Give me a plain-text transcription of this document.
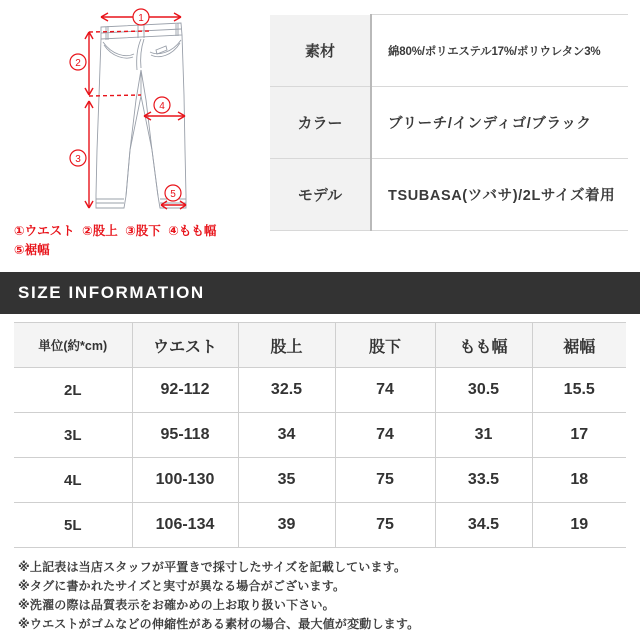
1
2
3
4
5
①ウエスト ②股上 ③股下 ④もも幅
⑤裾幅
素材	綿80%/ポリエステル17%/ポリウレタン3%
カラー	ブリーチ/インディゴ/ブラック
モデル	TSUBASA(ツバサ)/2Lサイズ着用
SIZE INFORMATION
単位(約*cm)	ウエスト	股上	股下	もも幅	裾幅
2L	92-112	32.5	74	30.5	15.5
3L	95-118	34	74	31	17
4L	100-130	35	75	33.5	18
5L	106-134	39	75	34.5	19
※上記表は当店スタッフが平置きで採寸したサイズを記載しています。
※タグに書かれたサイズと実寸が異なる場合がございます。
※洗濯の際は品質表示をお確かめの上お取り扱い下さい。
※ウエストがゴムなどの伸縮性がある素材の場合、最大値が変動します。
